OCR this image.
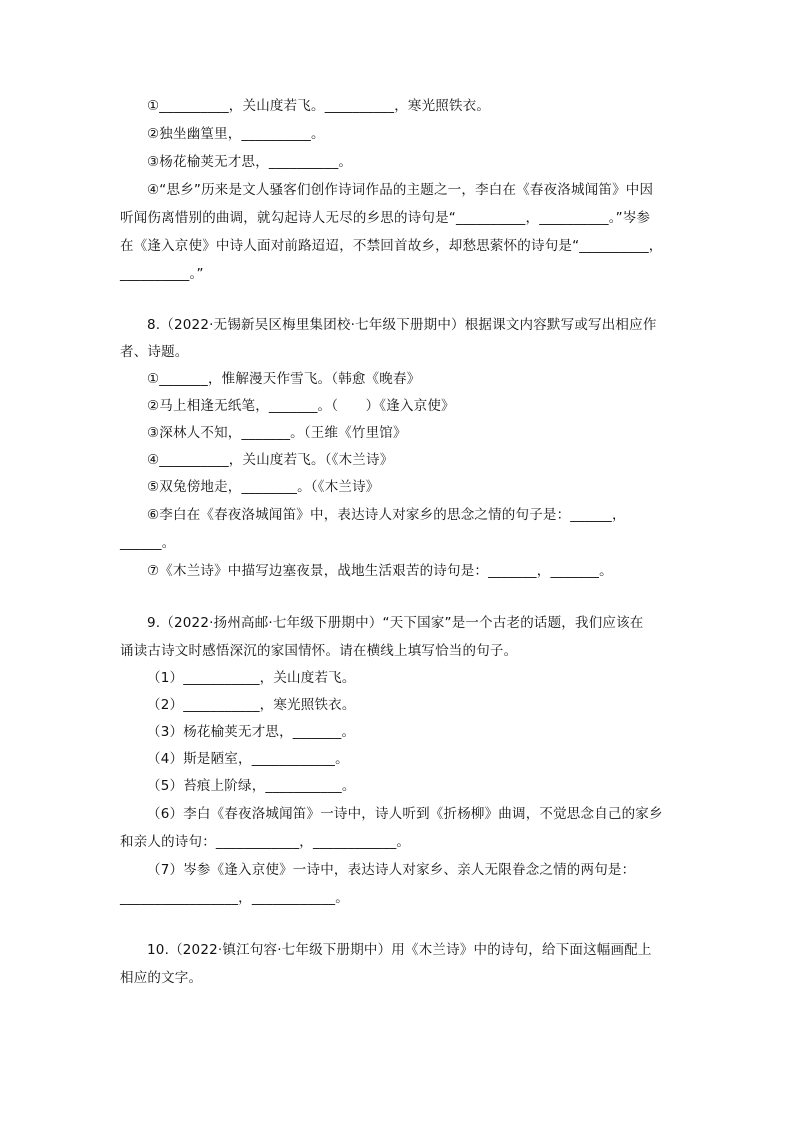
①__________，关山度若飞。__________，寒光照铁衣。
②独坐幽篁里，__________。
③杨花榆荚无才思，__________。
④“思乡”历来是文人骚客们创作诗词作品的主题之一，李白在《春夜洛城闻笛》中因
听闻伤离惜别的曲调，就勾起诗人无尽的乡思的诗句是“__________，__________。”岑参
在《逢入京使》中诗人面对前路迢迢，不禁回首故乡，却愁思萦怀的诗句是“__________，
__________。”
8.（2022·无锡新吴区梅里集团校·七年级下册期中）根据课文内容默写或写出相应作
者、诗题。
①_______，惟解漫天作雪飞。（韩愈《晚春》
②马上相逢无纸笔，_______。（　　）《逢入京使》
③深林人不知，_______。（王维《竹里馆》
④__________，关山度若飞。（《木兰诗》
⑤双兔傍地走，________。（《木兰诗》
⑥李白在《春夜洛城闻笛》中，表达诗人对家乡的思念之情的句子是：______，
______。
⑦《木兰诗》中描写边塞夜景，战地生活艰苦的诗句是：_______，_______。
9.（2022·扬州高邮·七年级下册期中）“天下国家”是一个古老的话题，我们应该在
诵读古诗文时感悟深沉的家国情怀。请在横线上填写恰当的句子。
（1）___________，关山度若飞。
（2）___________，寒光照铁衣。
（3）杨花榆荚无才思，_______。
（4）斯是陋室，____________。
（5）苔痕上阶绿，___________。
（6）李白《春夜洛城闻笛》一诗中，诗人听到《折杨柳》曲调，不觉思念自己的家乡
和亲人的诗句：____________，____________。
（7）岑参《逢入京使》一诗中，表达诗人对家乡、亲人无限眷念之情的两句是：
_________________，____________。
10.（2022·镇江句容·七年级下册期中）用《木兰诗》中的诗句，给下面这幅画配上
相应的文字。
